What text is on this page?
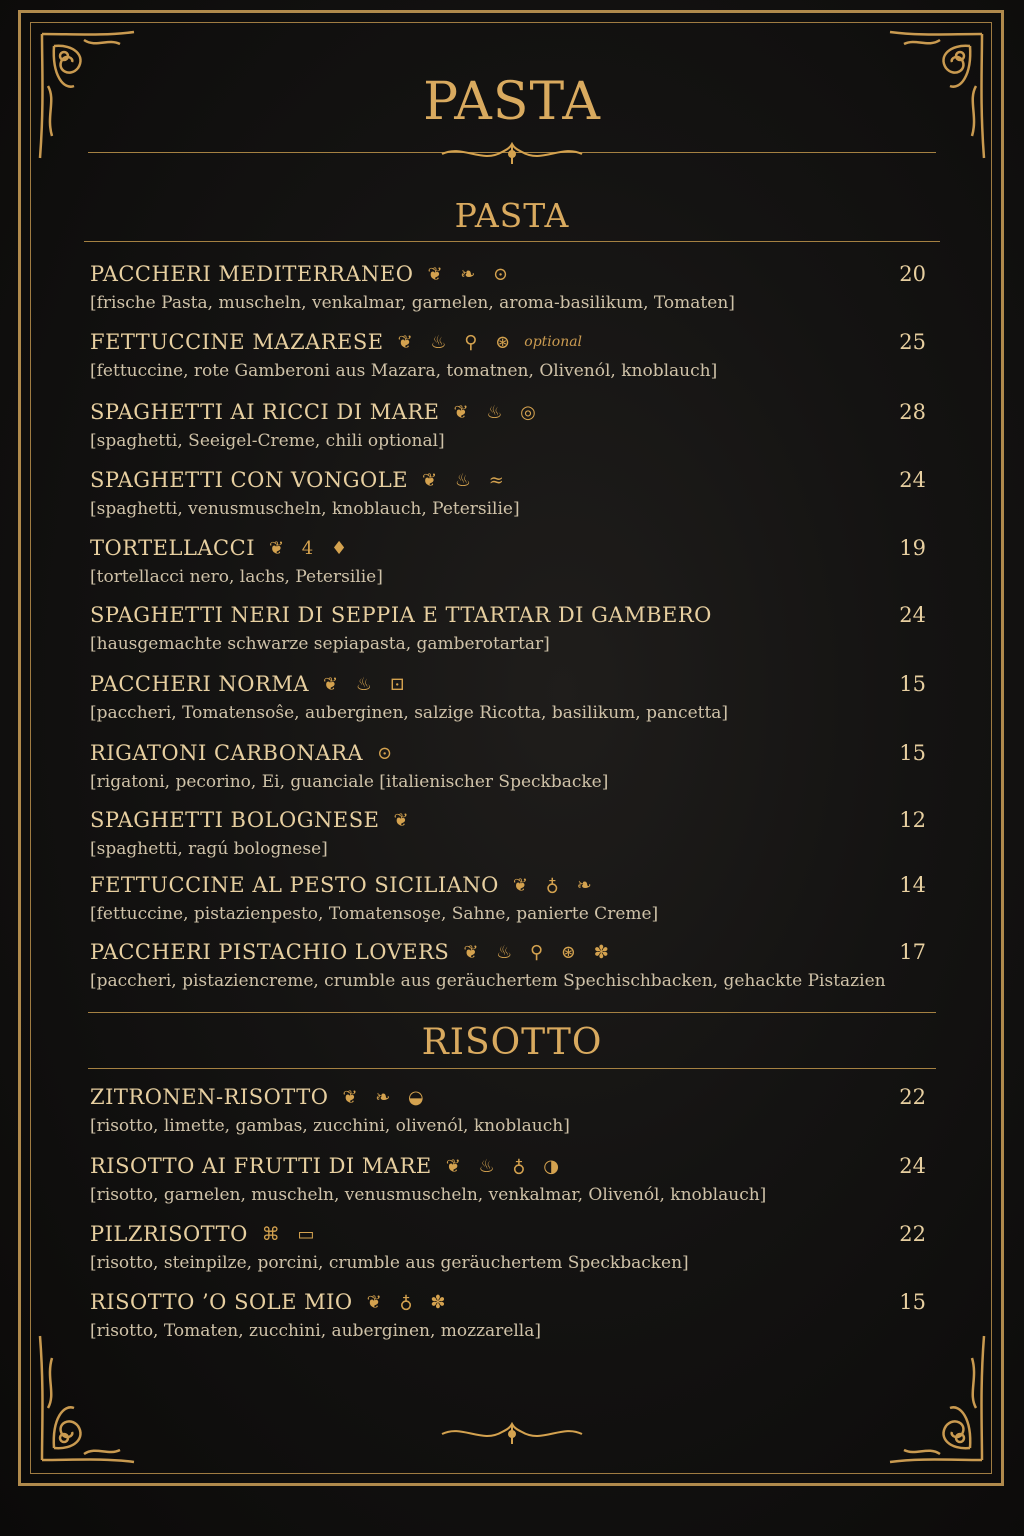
PASTA
PASTA
PACCHERI MEDITERRANEO ❦ ❧ ⊙	20
[frische Pasta, muscheln, venkalmar, garnelen, aroma-basilikum, Tomaten]
FETTUCCINE MAZARESE ❦ ♨ ⚲ ⊛ optional	25
[fettuccine, rote Gamberoni aus Mazara, tomatnen, Olivenól, knoblauch]
SPAGHETTI AI RICCI DI MARE ❦ ♨ ◎	28
[spaghetti, Seeigel-Creme, chili optional]
SPAGHETTI CON VONGOLE ❦ ♨ ≈	24
[spaghetti, venusmuscheln, knoblauch, Petersilie]
TORTELLACCI ❦ 4 ♦	19
[tortellacci nero, lachs, Petersilie]
SPAGHETTI NERI DI SEPPIA E TTARTAR DI GAMBERO	24
[hausgemachte schwarze sepiapasta, gamberotartar]
PACCHERI NORMA ❦ ♨ ⊡	15
[paccheri, Tomatensoŝe, auberginen, salzige Ricotta, basilikum, pancetta]
RIGATONI CARBONARA ⊙	15
[rigatoni, pecorino, Ei, guanciale [italienischer Speckbacke]
SPAGHETTI BOLOGNESE ❦	12
[spaghetti, ragú bolognese]
FETTUCCINE AL PESTO SICILIANO ❦ ♁ ❧	14
[fettuccine, pistazienpesto, Tomatensoşe, Sahne, panierte Creme]
PACCHERI PISTACHIO LOVERS ❦ ♨ ⚲ ⊛ ✽	17
[paccheri, pistaziencreme, crumble aus geräuchertem Spechischbacken, gehackte Pistazien
RISOTTO
ZITRONEN-RISOTTO ❦ ❧ ◒	22
[risotto, limette, gambas, zucchini, olivenól, knoblauch]
RISOTTO AI FRUTTI DI MARE ❦ ♨ ♁ ◑	24
[risotto, garnelen, muscheln, venusmuscheln, venkalmar, Olivenól, knoblauch]
PILZRISOTTO ⌘ ▭	22
[risotto, steinpilze, porcini, crumble aus geräuchertem Speckbacken]
RISOTTO ’O SOLE MIO ❦ ♁ ✽	15
[risotto, Tomaten, zucchini, auberginen, mozzarella]
